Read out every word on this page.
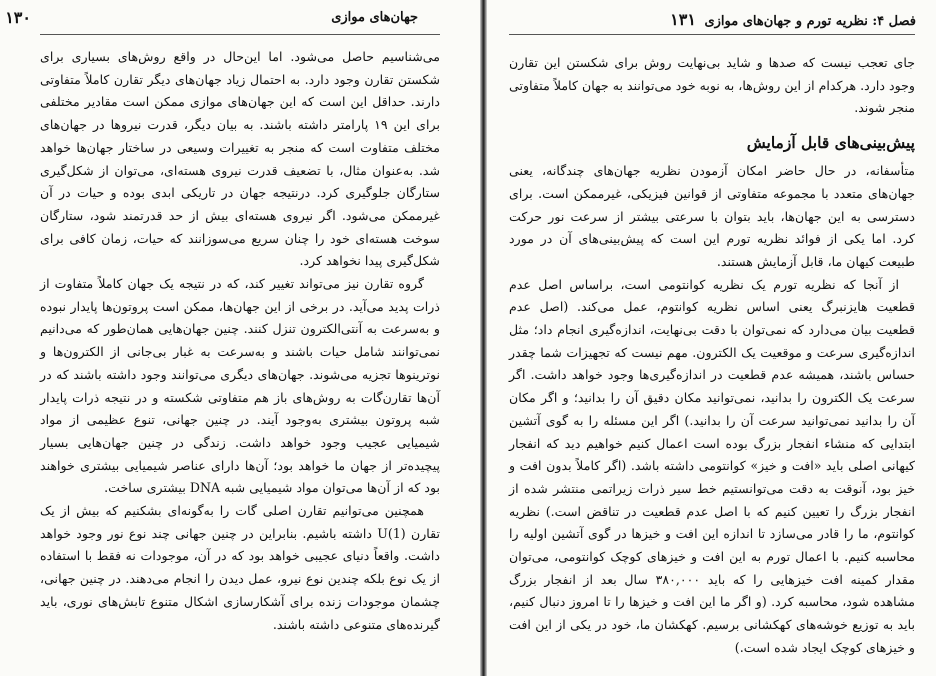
۱۳۰	جهان‌های موازی

می‌شناسیم حاصل می‌شود. اما این‌حال در واقع روش‌های بسیاری برای شکستن تقارن وجود دارد. به احتمال زیاد جهان‌های دیگر تقارن کاملاً متفاوتی دارند. حداقل این است که این جهان‌های موازی ممکن است مقادیر مختلفی برای این ۱۹ پارامتر داشته باشند. به بیان دیگر، قدرت نیروها در جهان‌های مختلف متفاوت است که منجر به تغییرات وسیعی در ساختار جهان‌ها خواهد شد. به‌عنوان مثال، با تضعیف قدرت نیروی هسته‌ای، می‌توان از شکل‌گیری ستارگان جلوگیری کرد. درنتیجه جهان در تاریکی ابدی بوده و حیات در آن غیرممکن می‌شود. اگر نیروی هسته‌ای بیش از حد قدرتمند شود، ستارگان سوخت هسته‌ای خود را چنان سریع می‌سوزانند که حیات، زمان کافی برای شکل‌گیری پیدا نخواهد کرد.

گروه تقارن نیز می‌تواند تغییر کند، که در نتیجه یک جهان کاملاً متفاوت از ذرات پدید می‌آید. در برخی از این جهان‌ها، ممکن است پروتون‌ها پایدار نبوده و به‌سرعت به آنتی‌الکترون تنزل کنند. چنین جهان‌هایی همان‌طور که می‌دانیم نمی‌توانند شامل حیات باشند و به‌سرعت به غبار بی‌جانی از الکترون‌ها و نوترینوها تجزیه می‌شوند. جهان‌های دیگری می‌توانند وجود داشته باشند که در آن‌ها تقارن‌گات به روش‌های باز هم متفاوتی شکسته و در نتیجه ذرات پایدار شبه پروتون بیشتری به‌وجود آیند. در چنین جهانی، تنوع عظیمی از مواد شیمیایی عجیب وجود خواهد داشت. زندگی در چنین جهان‌هایی بسیار پیچیده‌تر از جهان ما خواهد بود؛ آن‌ها دارای عناصر شیمیایی بیشتری خواهند بود که از آن‌ها می‌توان مواد شیمیایی شبه DNA بیشتری ساخت.

همچنین می‌توانیم تقارن اصلی گات را به‌گونه‌ای بشکنیم که بیش از یک تقارن U(1) داشته باشیم. بنابراین در چنین جهانی چند نوع نور وجود خواهد داشت. واقعاً دنیای عجیبی خواهد بود که در آن، موجودات نه فقط با استفاده از یک نوع بلکه چندین نوع نیرو، عمل دیدن را انجام می‌دهند. در چنین جهانی، چشمان موجودات زنده برای آشکارسازی اشکال متنوع تابش‌های نوری، باید گیرنده‌های متنوعی داشته باشند.

فصل ۴: نظریه تورم و جهان‌های موازی ۱۳۱

جای تعجب نیست که صدها و شاید بی‌نهایت روش برای شکستن این تقارن وجود دارد. هرکدام از این روش‌ها، به نوبه خود می‌توانند به جهان کاملاً متفاوتی منجر شوند.

پیش‌بینی‌های قابل آزمایش

متأسفانه، در حال حاضر امکان آزمودن نظریه جهان‌های چندگانه، یعنی جهان‌های متعدد با مجموعه متفاوتی از قوانین فیزیکی، غیرممکن است. برای دسترسی به این جهان‌ها، باید بتوان با سرعتی بیشتر از سرعت نور حرکت کرد. اما یکی از فوائد نظریه تورم این است که پیش‌بینی‌های آن در مورد طبیعت کیهان ما، قابل آزمایش هستند.

از آنجا که نظریه تورم یک نظریه کوانتومی است، براساس اصل عدم قطعیت هایزنبرگ یعنی اساس نظریه کوانتوم، عمل می‌کند. (اصل عدم قطعیت بیان می‌دارد که نمی‌توان با دقت بی‌نهایت، اندازه‌گیری انجام داد؛ مثل اندازه‌گیری سرعت و موقعیت یک الکترون. مهم نیست که تجهیزات شما چقدر حساس باشند، همیشه عدم قطعیت در اندازه‌گیری‌ها وجود خواهد داشت. اگر سرعت یک الکترون را بدانید، نمی‌توانید مکان دقیق آن را بدانید؛ و اگر مکان آن را بدانید نمی‌توانید سرعت آن را بدانید.) اگر این مسئله را به گوی آتشین ابتدایی که منشاء انفجار بزرگ بوده است اعمال کنیم خواهیم دید که انفجار کیهانی اصلی باید «افت و خیز» کوانتومی داشته باشد. (اگر کاملاً بدون افت و خیز بود، آنوقت به دقت می‌توانستیم خط سیر ذرات زیراتمی منتشر شده از انفجار بزرگ را تعیین کنیم که با اصل عدم قطعیت در تناقض است.) نظریه کوانتوم، ما را قادر می‌سازد تا اندازه این افت و خیزها در گوی آتشین اولیه را محاسبه کنیم. با اعمال تورم به این افت و خیزهای کوچک کوانتومی، می‌توان مقدار کمینه افت خیزهایی را که باید ۳۸۰,۰۰۰ سال بعد از انفجار بزرگ مشاهده شود، محاسبه کرد. (و اگر ما این افت و خیزها را تا امروز دنبال کنیم، باید به توزیع خوشه‌های کهکشانی برسیم. کهکشان ما، خود در یکی از این افت و خیزهای کوچک ایجاد شده است.)
